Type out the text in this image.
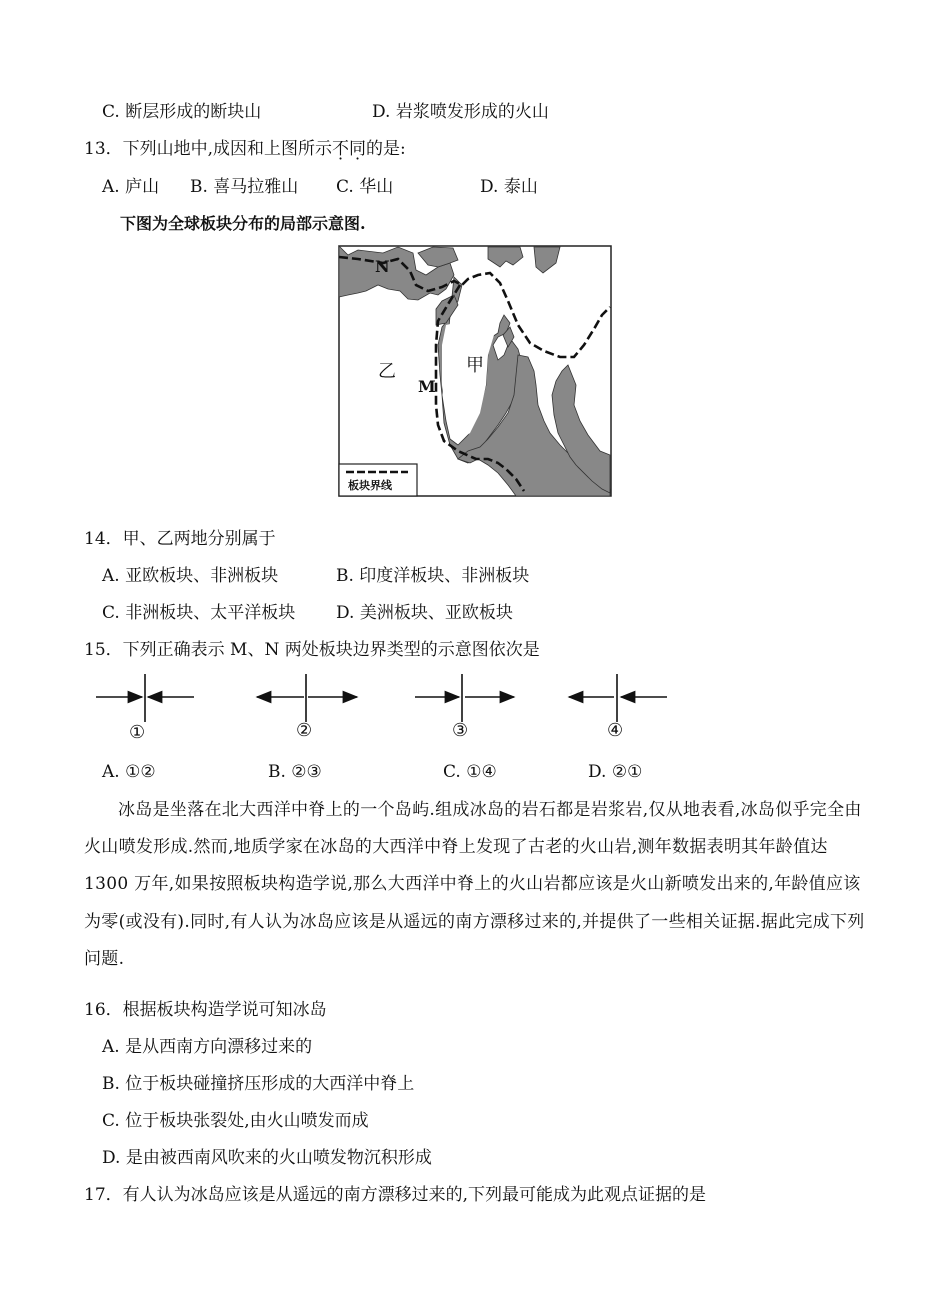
C. 断层形成的断块山	D. 岩浆喷发形成的火山
13．下列山地中,成因和上图所示不同的是:
A. 庐山 B. 喜马拉雅山 C. 华山	D. 泰山
下图为全球板块分布的局部示意图.
N
M
甲
乙
板块界线
14．甲、乙两地分别属于
A. 亚欧板块、非洲板块	B. 印度洋板块、非洲板块
C. 非洲板块、太平洋板块 D. 美洲板块、亚欧板块
15．下列正确表示 M、N 两处板块边界类型的示意图依次是
①	②	③	④
A. ①②	B. ②③	C. ①④	D. ②①
冰岛是坐落在北大西洋中脊上的一个岛屿.组成冰岛的岩石都是岩浆岩,仅从地表看,冰岛似乎完全由火山喷发形成.然而,地质学家在冰岛的大西洋中脊上发现了古老的火山岩,测年数据表明其年龄值达 1300 万年,如果按照板块构造学说,那么大西洋中脊上的火山岩都应该是火山新喷发出来的,年龄值应该为零(或没有).同时,有人认为冰岛应该是从遥远的南方漂移过来的,并提供了一些相关证据.据此完成下列问题.
16．根据板块构造学说可知冰岛
A. 是从西南方向漂移过来的
B. 位于板块碰撞挤压形成的大西洋中脊上
C. 位于板块张裂处,由火山喷发而成
D. 是由被西南风吹来的火山喷发物沉积形成
17．有人认为冰岛应该是从遥远的南方漂移过来的,下列最可能成为此观点证据的是
